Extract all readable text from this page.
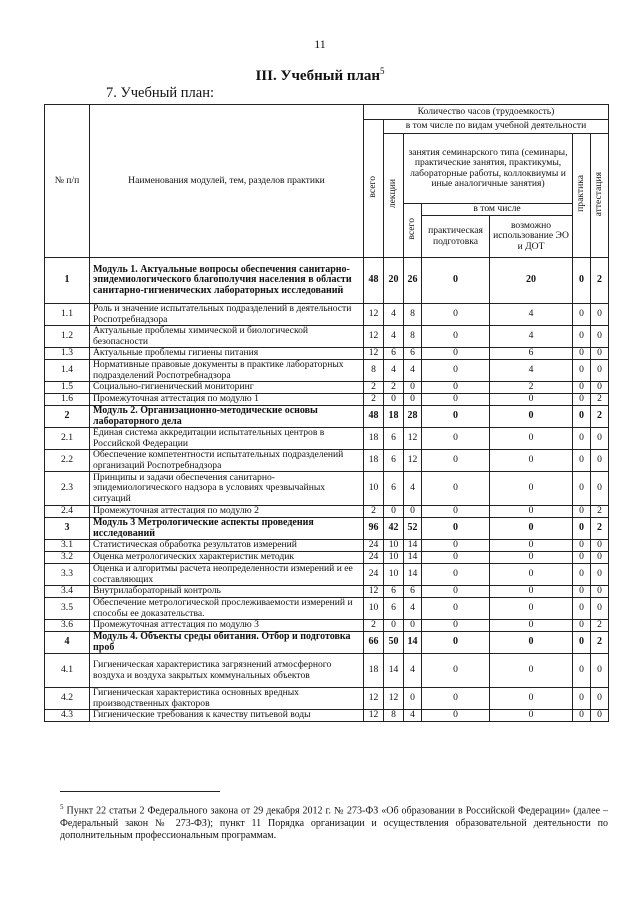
11
III. Учебный план$^5$
7. Учебный план:
№ п/п	Наименования модулей, тем, разделов практики	Количество часов (трудоемкость)						
		всего	в том числе по видам учебной деятельности					
			лекции	занятия семинарского типа (семинары, практические занятия, практикумы, лабораторные работы, коллоквиумы и иные аналогичные занятия)			практика	аттестация
				всего	в том числе			
					практическая подготовка	возможно использование ЭО и ДОТ		
1	Модуль 1. Актуальные вопросы обеспечения санитарно-эпидемиологического благополучия населения в области санитарно-гигиенических лабораторных исследований	48	20	26	0	20	0	2
1.1	Роль и значение испытательных подразделений в деятельности Роспотребнадзора	12	4	8	0	4	0	0
1.2	Актуальные проблемы химической и биологической безопасности	12	4	8	0	4	0	0
1.3	Актуальные проблемы гигиены питания	12	6	6	0	6	0	0
1.4	Нормативные правовые документы в практике лабораторных подразделений Роспотребнадзора	8	4	4	0	4	0	0
1.5	Социально-гигиенический мониторинг	2	2	0	0	2	0	0
1.6	Промежуточная аттестация по модулю 1	2	0	0	0	0	0	2
2	Модуль 2. Организационно-методические основы лабораторного дела	48	18	28	0	0	0	2
2.1	Единая система аккредитации испытательных центров в Российской Федерации	18	6	12	0	0	0	0
2.2	Обеспечение компетентности испытательных подразделений организаций Роспотребнадзора	18	6	12	0	0	0	0
2.3	Принципы и задачи обеспечения санитарно-эпидемиологического надзора в условиях чрезвычайных ситуаций	10	6	4	0	0	0	0
2.4	Промежуточная аттестация по модулю 2	2	0	0	0	0	0	2
3	Модуль 3 Метрологические аспекты проведения исследований	96	42	52	0	0	0	2
3.1	Статистическая обработка результатов измерений	24	10	14	0	0	0	0
3.2	Оценка метрологических характеристик методик	24	10	14	0	0	0	0
3.3	Оценка и алгоритмы расчета неопределенности измерений и ее составляющих	24	10	14	0	0	0	0
3.4	Внутрилабораторный контроль	12	6	6	0	0	0	0
3.5	Обеспечение метрологической прослеживаемости измерений и способы ее доказательства.	10	6	4	0	0	0	0
3.6	Промежуточная аттестация по модулю 3	2	0	0	0	0	0	2
4	Модуль 4. Объекты среды обитания. Отбор и подготовка проб	66	50	14	0	0	0	2
4.1	Гигиеническая характеристика загрязнений атмосферного воздуха и воздуха закрытых коммунальных объектов	18	14	4	0	0	0	0
4.2	Гигиеническая характеристика основных вредных производственных факторов	12	12	0	0	0	0	0
4.3	Гигиенические требования к качеству питьевой воды	12	8	4	0	0	0	0
$^5$ Пункт 22 статьи 2 Федерального закона от 29 декабря 2012 г. № 273-ФЗ «Об образовании в Российской Федерации» (далее – Федеральный закон № 273-ФЗ); пункт 11 Порядка организации и осуществления образовательной деятельности по дополнительным профессиональным программам.
